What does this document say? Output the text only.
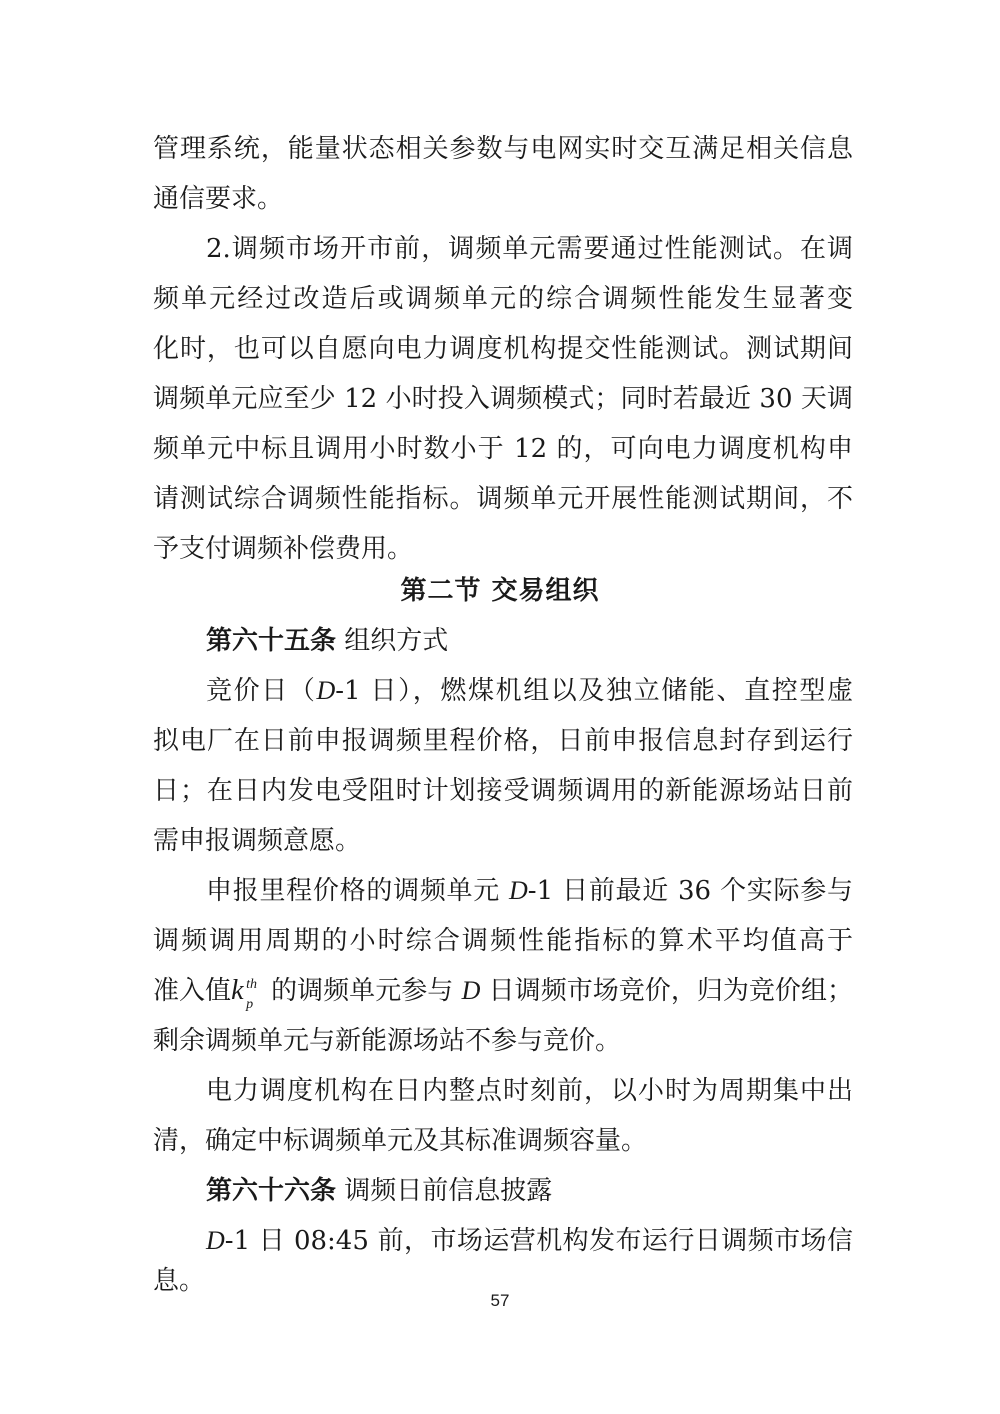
管理系统，能量状态相关参数与电网实时交互满足相关信息
通信要求。
2.调频市场开市前，调频单元需要通过性能测试。在调
频单元经过改造后或调频单元的综合调频性能发生显著变
化时，也可以自愿向电力调度机构提交性能测试。测试期间
调频单元应至少 12 小时投入调频模式；同时若最近 30 天调
频单元中标且调用小时数小于 12 的，可向电力调度机构申
请测试综合调频性能指标。调频单元开展性能测试期间，不
予支付调频补偿费用。
第二节 交易组织
第六十五条 组织方式
竞价日（D-1 日），燃煤机组以及独立储能、直控型虚
拟电厂在日前申报调频里程价格，日前申报信息封存到运行
日；在日内发电受阻时计划接受调频调用的新能源场站日前
需申报调频意愿。
申报里程价格的调频单元 D-1 日前最近 36 个实际参与
调频调用周期的小时综合调频性能指标的算术平均值高于
准入值 k th
p 的调频单元参与 D 日调频市场竞价，归为竞价组；
剩余调频单元与新能源场站不参与竞价。
电力调度机构在日内整点时刻前，以小时为周期集中出
清，确定中标调频单元及其标准调频容量。
第六十六条 调频日前信息披露
D-1 日 08:45 前，市场运营机构发布运行日调频市场信
息。
57
